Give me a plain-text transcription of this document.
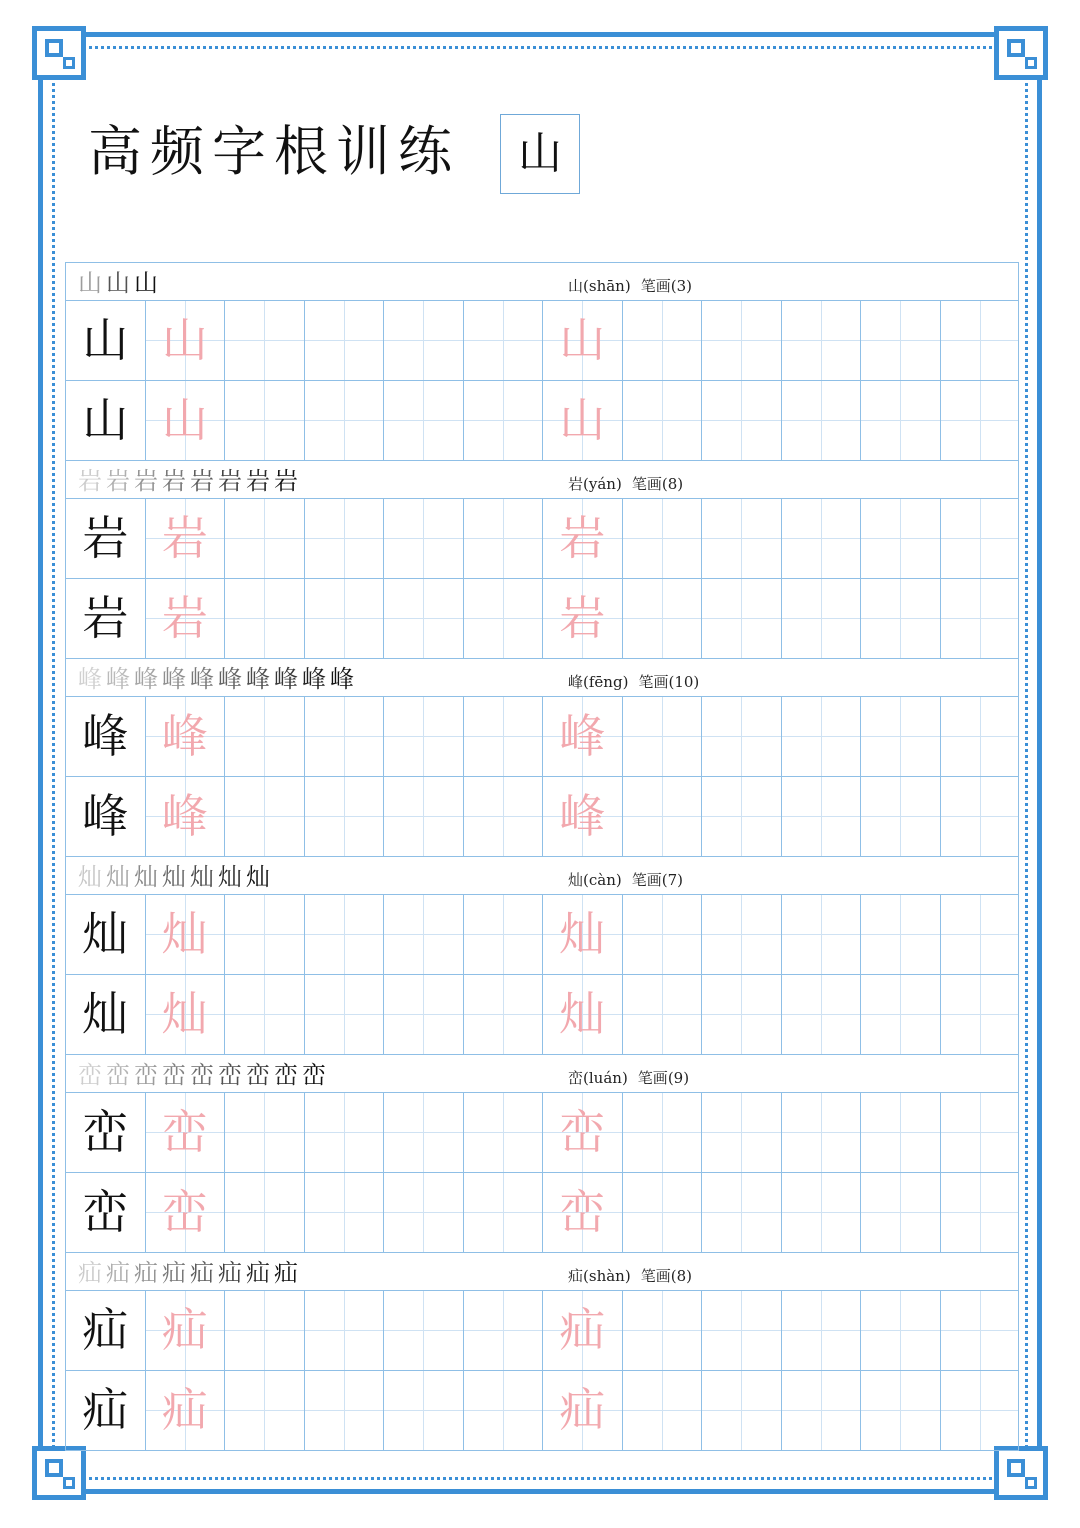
高频字根训练	山
山山山	山(shān) 笔画(3)
山 山	山
山 山	山
岩岩岩岩岩岩岩岩	岩(yán) 笔画(8)
岩 岩	岩
岩 岩	岩
峰峰峰峰峰峰峰峰峰峰	峰(fēng) 笔画(10)
峰 峰	峰
峰 峰	峰
灿灿灿灿灿灿灿	灿(càn) 笔画(7)
灿 灿	灿
灿 灿	灿
峦峦峦峦峦峦峦峦峦	峦(luán) 笔画(9)
峦 峦	峦
峦 峦	峦
疝疝疝疝疝疝疝疝	疝(shàn) 笔画(8)
疝 疝	疝
疝 疝	疝
